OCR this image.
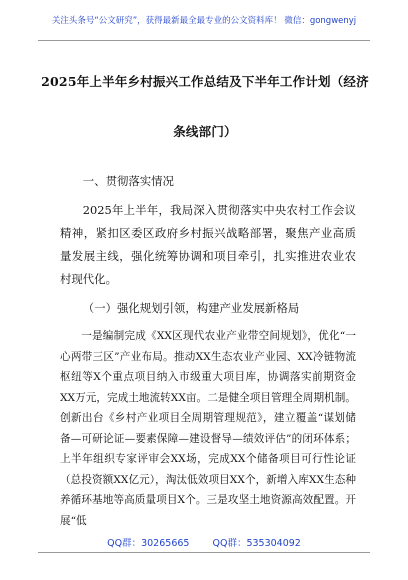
关注头条号“公文研究”，获得最新最全最专业的公文资料库！ 微信：gongwenyj
2025年上半年乡村振兴工作总结及下半年工作计划（经济
条线部门）

一、贯彻落实情况

2025年上半年，我局深入贯彻落实中央农村工作会议精神，紧扣区委区政府乡村振兴战略部署，聚焦产业高质量发展主线，强化统筹协调和项目牵引，扎实推进农业农村现代化。

（一）强化规划引领，构建产业发展新格局

一是编制完成《XX区现代农业产业带空间规划》，优化“一心两带三区”产业布局。推动XX生态农业产业园、XX冷链物流枢纽等X个重点项目纳入市级重大项目库，协调落实前期资金XX万元，完成土地流转XX亩。二是健全项目管理全周期机制。创新出台《乡村产业项目全周期管理规范》，建立覆盖“谋划储备—可研论证—要素保障—建设督导—绩效评估”的闭环体系；上半年组织专家评审会XX场，完成XX个储备项目可行性论证（总投资额XX亿元），淘汰低效项目XX个，新增入库XX生态种养循环基地等高质量项目X个。三是攻坚土地资源高效配置。开展“低

QQ群：30265665 QQ群：535304092
